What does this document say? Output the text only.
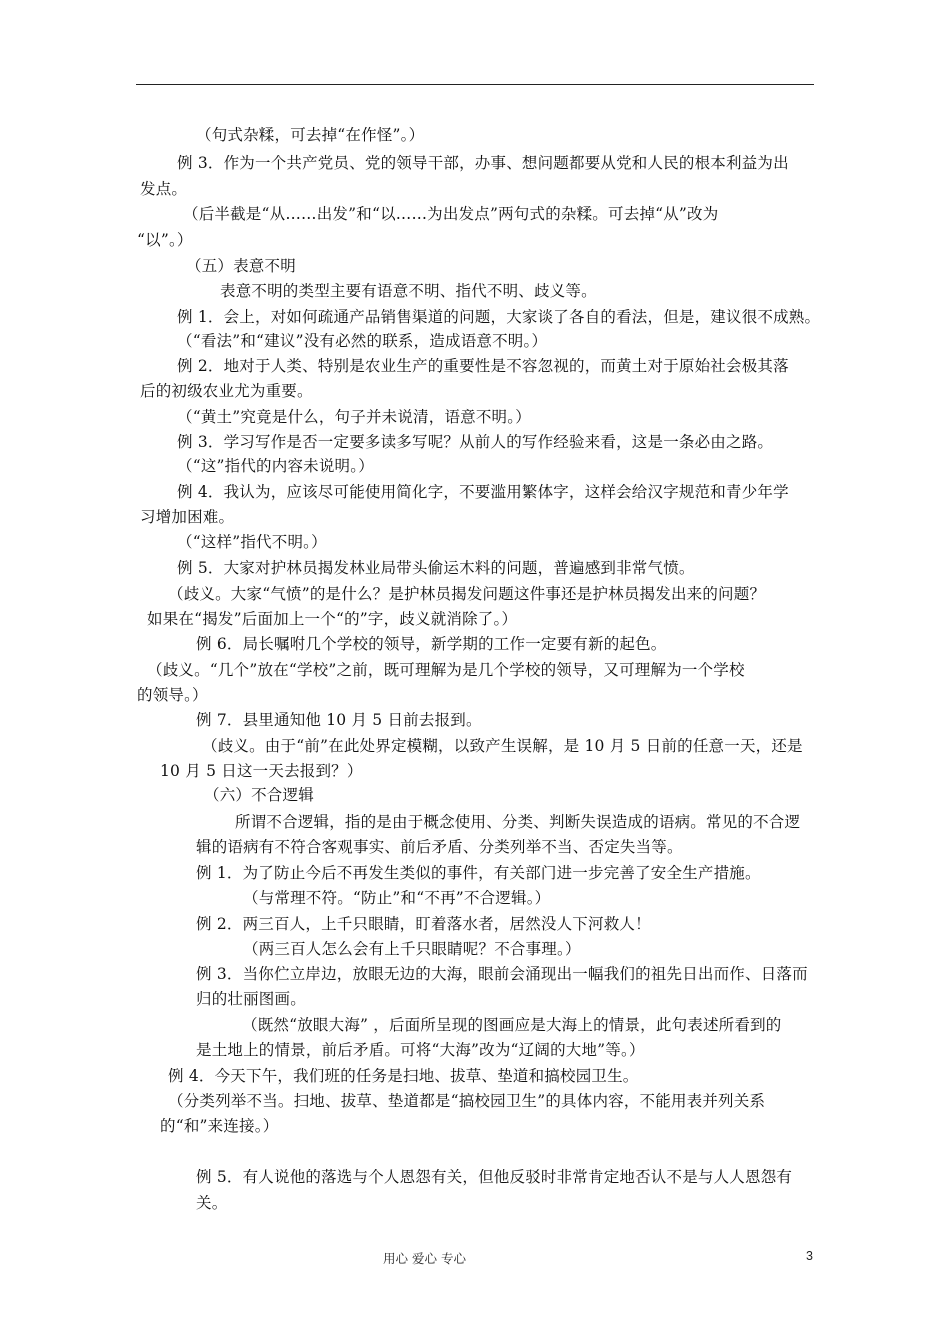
（句式杂糅，可去掉“在作怪”。）
例 3．作为一个共产党员、党的领导干部，办事、想问题都要从党和人民的根本利益为出
发点。
（后半截是“从……出发”和“以……为出发点”两句式的杂糅。可去掉“从”改为
“以”。）
（五）表意不明
表意不明的类型主要有语意不明、指代不明、歧义等。
例 1．会上，对如何疏通产品销售渠道的问题，大家谈了各自的看法，但是，建议很不成熟。
（“看法”和“建议”没有必然的联系，造成语意不明。）
例 2．地对于人类、特别是农业生产的重要性是不容忽视的，而黄土对于原始社会极其落
后的初级农业尤为重要。
（“黄土”究竟是什么，句子并未说清，语意不明。）
例 3．学习写作是否一定要多读多写呢？从前人的写作经验来看，这是一条必由之路。
（“这”指代的内容未说明。）
例 4．我认为，应该尽可能使用简化字，不要滥用繁体字，这样会给汉字规范和青少年学
习增加困难。
（“这样”指代不明。）
例 5．大家对护林员揭发林业局带头偷运木料的问题，普遍感到非常气愤。
（歧义。大家“气愤”的是什么？是护林员揭发问题这件事还是护林员揭发出来的问题？
如果在“揭发”后面加上一个“的”字，歧义就消除了。）
例 6．局长嘱咐几个学校的领导，新学期的工作一定要有新的起色。
（歧义。“几个”放在“学校”之前，既可理解为是几个学校的领导，又可理解为一个学校
的领导。）
例 7．县里通知他 10 月 5 日前去报到。
（歧义。由于“前”在此处界定模糊，以致产生误解，是 10 月 5 日前的任意一天，还是
10 月 5 日这一天去报到？）
（六）不合逻辑
所谓不合逻辑，指的是由于概念使用、分类、判断失误造成的语病。常见的不合逻
辑的语病有不符合客观事实、前后矛盾、分类列举不当、否定失当等。
例 1．为了防止今后不再发生类似的事件，有关部门进一步完善了安全生产措施。
（与常理不符。“防止”和“不再”不合逻辑。）
例 2．两三百人，上千只眼睛，盯着落水者，居然没人下河救人！
（两三百人怎么会有上千只眼睛呢？不合事理。）
例 3．当你伫立岸边，放眼无边的大海，眼前会涌现出一幅我们的祖先日出而作、日落而
归的壮丽图画。
（既然“放眼大海” ，后面所呈现的图画应是大海上的情景，此句表述所看到的
是土地上的情景，前后矛盾。可将“大海”改为“辽阔的大地”等。）
例 4．今天下午，我们班的任务是扫地、拔草、垫道和搞校园卫生。
（分类列举不当。扫地、拔草、垫道都是“搞校园卫生”的具体内容，不能用表并列关系
的“和”来连接。）
例 5．有人说他的落选与个人恩怨有关，但他反驳时非常肯定地否认不是与人人恩怨有
关。
用心 爱心 专心	3
